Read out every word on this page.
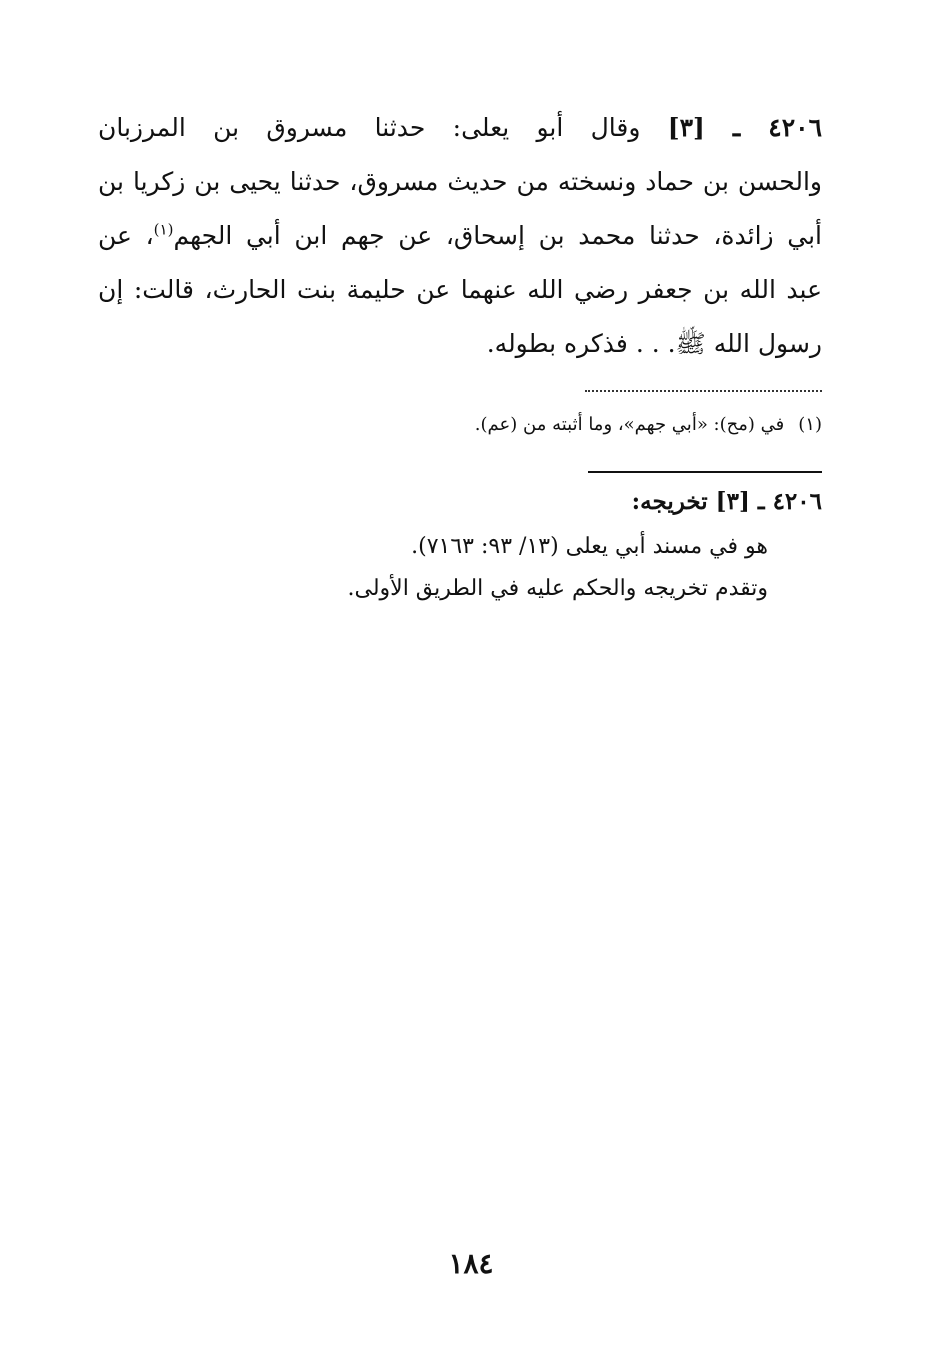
٤٢٠٦ ـ [٣] وقال أبو يعلى: حدثنا مسروق بن المرزبان
والحسن بن حماد ونسخته من حديث مسروق، حدثنا يحيى بن زكريا بن
أبي زائدة، حدثنا محمد بن إسحاق، عن جهم ابن أبي الجهم$^{(١)}$، عن
عبد الله بن جعفر رضي الله عنهما عن حليمة بنت الحارث، قالت: إن
رسول الله ﷺ. . . فذكره بطوله.
(١)في (مح): «أبي جهم»، وما أثبته من (عم).
٤٢٠٦ ـ [٣] تخريجه:
هو في مسند أبي يعلى (١٣/ ٩٣: ٧١٦٣).
وتقدم تخريجه والحكم عليه في الطريق الأولى.
١٨٤
